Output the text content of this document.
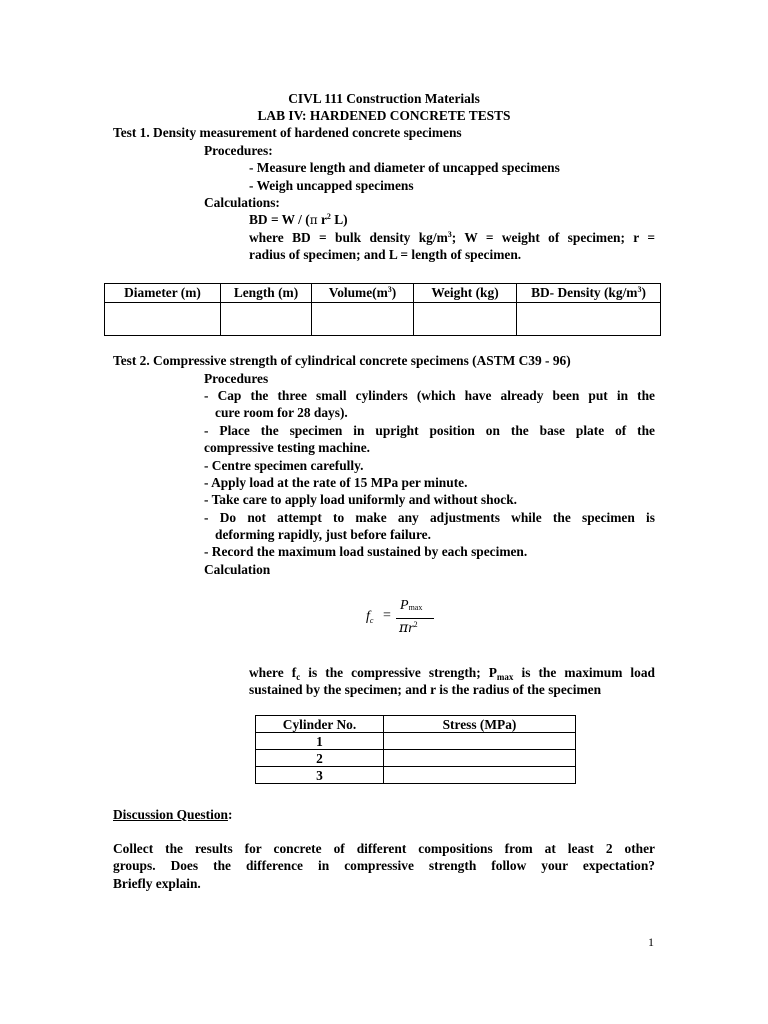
CIVL 111 Construction Materials
LAB IV: HARDENED CONCRETE TESTS
Test 1. Density measurement of hardened concrete specimens
Procedures:
- Measure length and diameter of uncapped specimens
- Weigh uncapped specimens
Calculations:
BD = W / (π $r^2$ L)
where BD = bulk density $kg/m^3$; W = weight of specimen; r =
radius of specimen; and L = length of specimen.
Diameter (m)	Length (m)	$Volume(m^3)$	Weight (kg)	BD- Density $(kg/m^3)$

Test 2. Compressive strength of cylindrical concrete specimens (ASTM C39 - 96)
Procedures
- Cap the three small cylinders (which have already been put in the
cure room for 28 days).
- Place the specimen in upright position on the base plate of the
compressive testing machine.
- Centre specimen carefully.
- Apply load at the rate of 15 MPa per minute.
- Take care to apply load uniformly and without shock.
- Do not attempt to make any adjustments while the specimen is
deforming rapidly, just before failure.
- Record the maximum load sustained by each specimen.
Calculation
$f_c$ =
$P_{max}$
$\pi r^2$
where $f_c$ is the compressive strength; $P_{max}$ is the maximum load
sustained by the specimen; and r is the radius of the specimen
Cylinder No.	Stress (MPa)
1	
2	
3	
Discussion Question:
Collect the results for concrete of different compositions from at least 2 other
groups. Does the difference in compressive strength follow your expectation?
Briefly explain.
1
